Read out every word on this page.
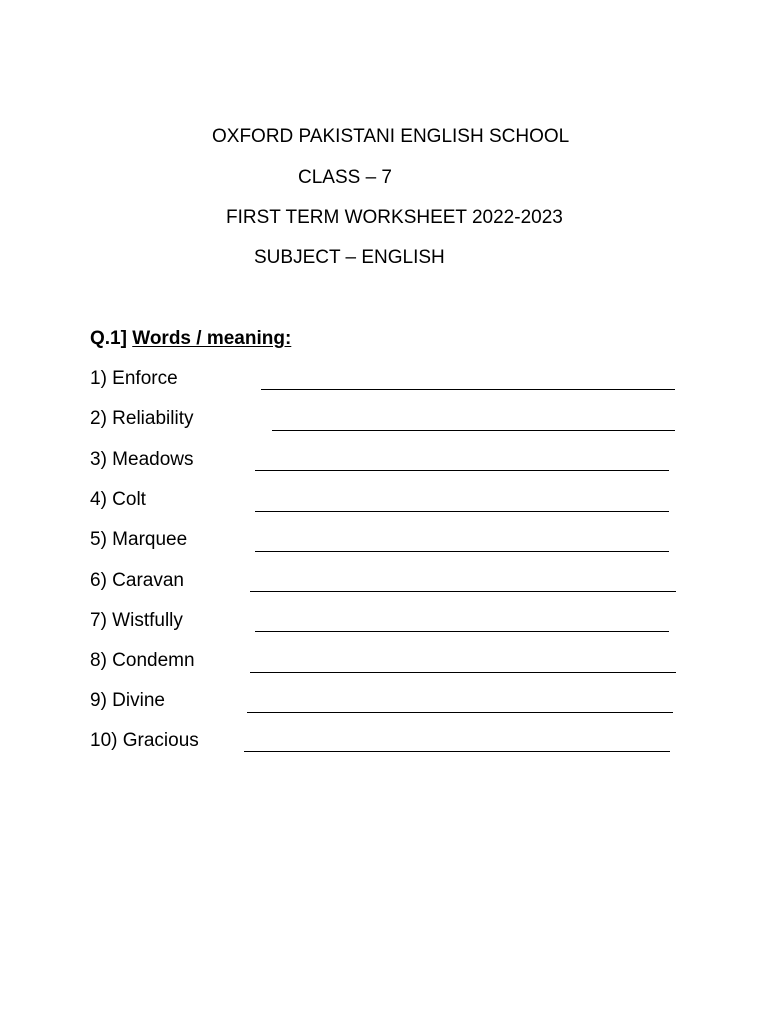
OXFORD PAKISTANI ENGLISH SCHOOL
CLASS – 7
FIRST TERM WORKSHEET 2022-2023
SUBJECT – ENGLISH
Q.1] Words / meaning:
1) Enforce
2) Reliability
3) Meadows
4) Colt
5) Marquee
6) Caravan
7) Wistfully
8) Condemn
9) Divine
10) Gracious
